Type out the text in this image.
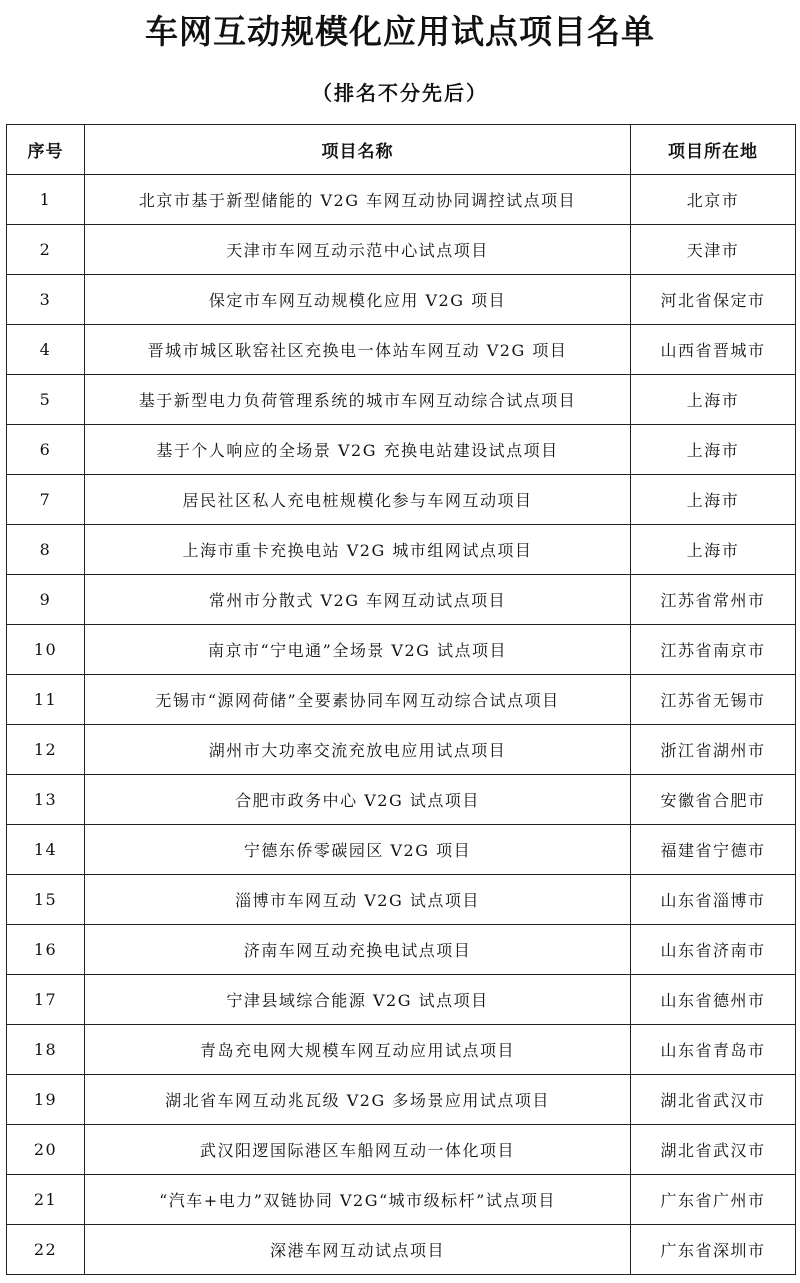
车网互动规模化应用试点项目名单
（排名不分先后）
序号	项目名称	项目所在地
1	北京市基于新型储能的 V2G 车网互动协同调控试点项目	北京市
2	天津市车网互动示范中心试点项目	天津市
3	保定市车网互动规模化应用 V2G 项目	河北省保定市
4	晋城市城区耿窑社区充换电一体站车网互动 V2G 项目	山西省晋城市
5	基于新型电力负荷管理系统的城市车网互动综合试点项目	上海市
6	基于个人响应的全场景 V2G 充换电站建设试点项目	上海市
7	居民社区私人充电桩规模化参与车网互动项目	上海市
8	上海市重卡充换电站 V2G 城市组网试点项目	上海市
9	常州市分散式 V2G 车网互动试点项目	江苏省常州市
10	南京市“宁电通”全场景 V2G 试点项目	江苏省南京市
11	无锡市“源网荷储”全要素协同车网互动综合试点项目	江苏省无锡市
12	湖州市大功率交流充放电应用试点项目	浙江省湖州市
13	合肥市政务中心 V2G 试点项目	安徽省合肥市
14	宁德东侨零碳园区 V2G 项目	福建省宁德市
15	淄博市车网互动 V2G 试点项目	山东省淄博市
16	济南车网互动充换电试点项目	山东省济南市
17	宁津县域综合能源 V2G 试点项目	山东省德州市
18	青岛充电网大规模车网互动应用试点项目	山东省青岛市
19	湖北省车网互动兆瓦级 V2G 多场景应用试点项目	湖北省武汉市
20	武汉阳逻国际港区车船网互动一体化项目	湖北省武汉市
21	“汽车+电力”双链协同 V2G“城市级标杆”试点项目	广东省广州市
22	深港车网互动试点项目	广东省深圳市
